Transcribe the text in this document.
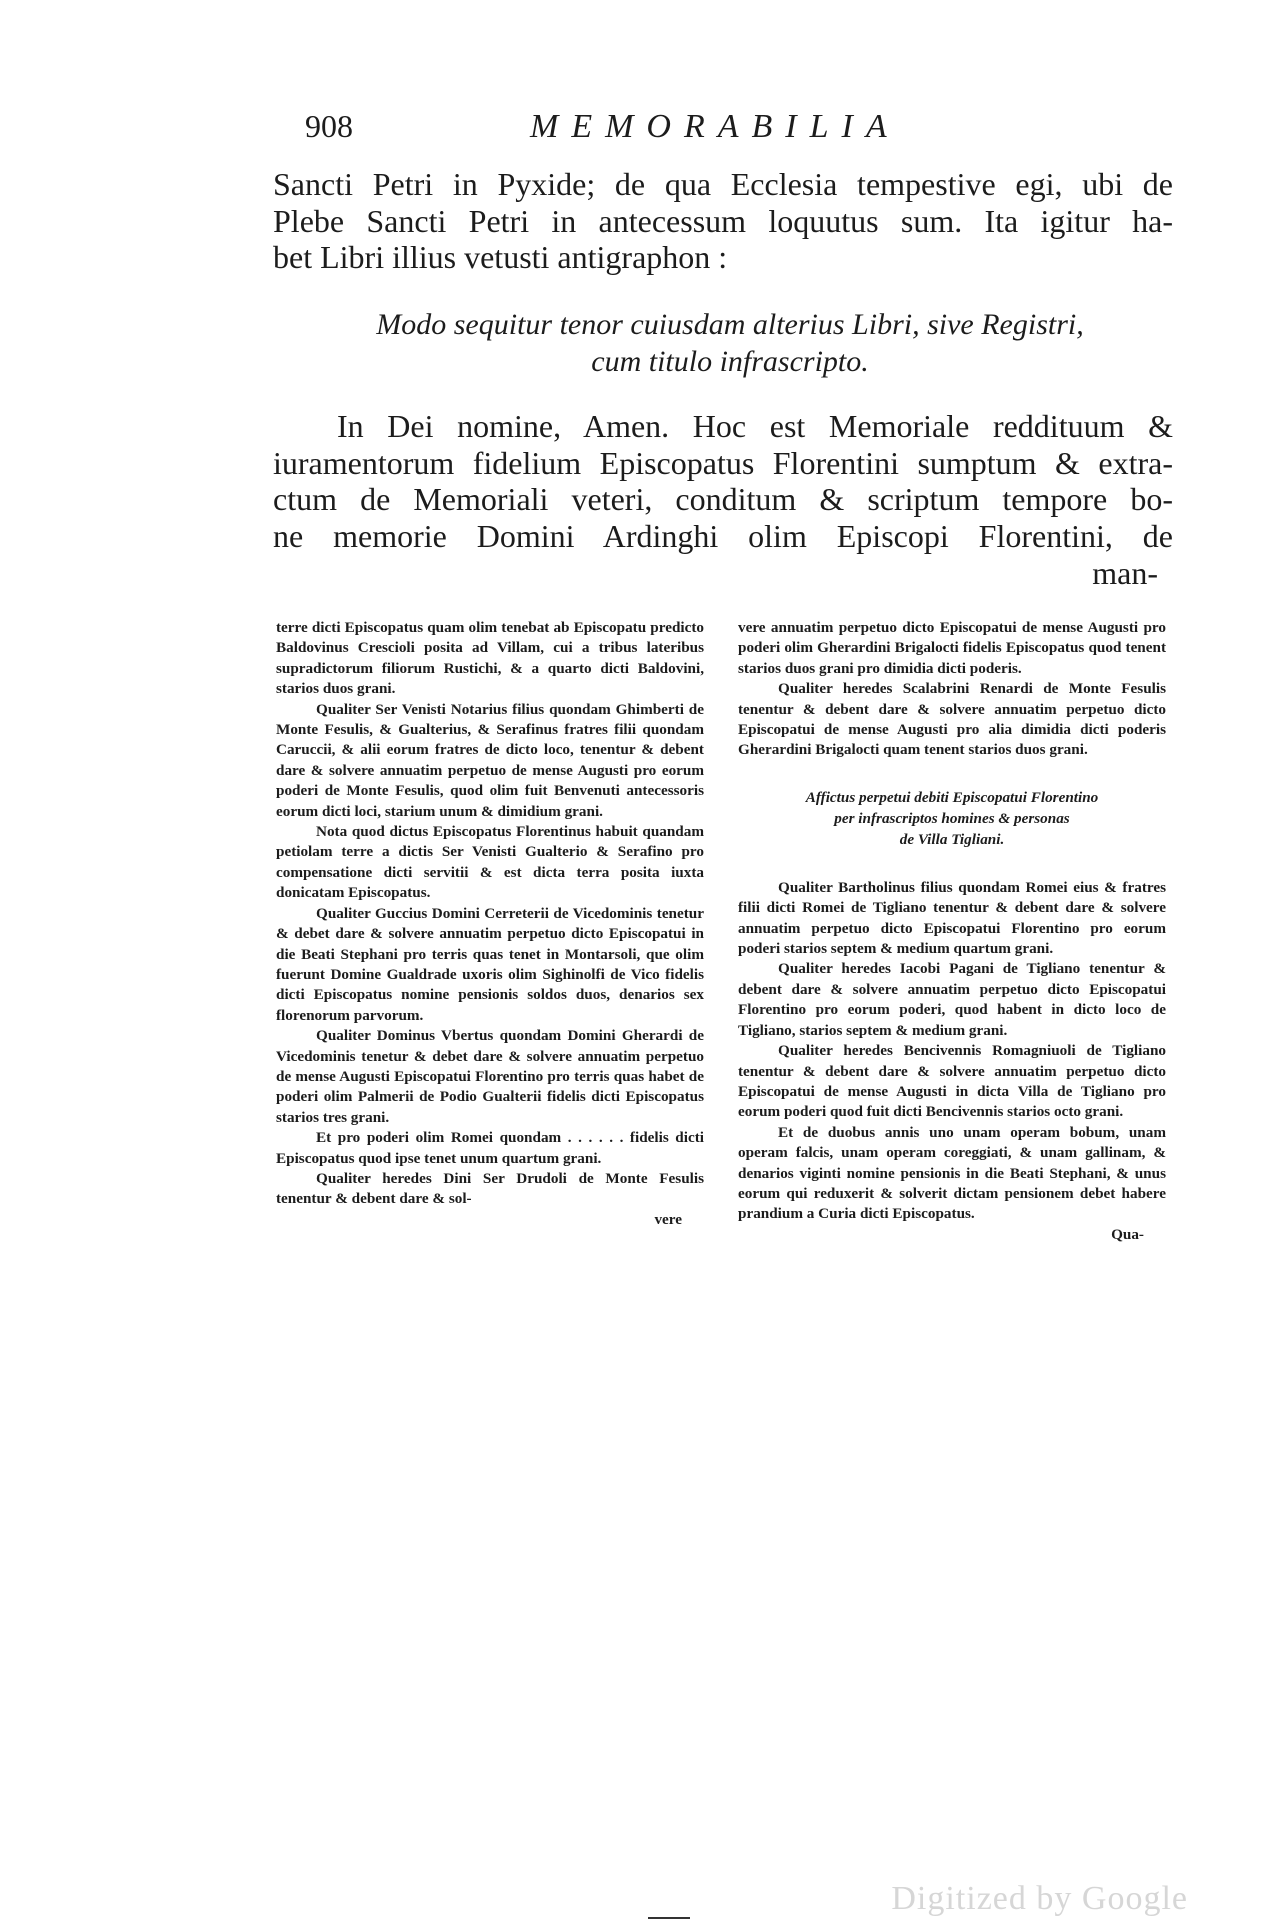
908	MEMORABILIA
Sancti Petri in Pyxide; de qua Ecclesia tempestive egi, ubi de
Plebe Sancti Petri in antecessum loquutus sum. Ita igitur ha-
bet Libri illius vetusti antigraphon :
Modo sequitur tenor cuiusdam alterius Libri, sive Registri,
cum titulo infrascripto.
In Dei nomine, Amen. Hoc est Memoriale reddituum &
iuramentorum fidelium Episcopatus Florentini sumptum & extra-
ctum de Memoriali veteri, conditum & scriptum tempore bo-
ne memorie Domini Ardinghi olim Episcopi Florentini, de
man-

terre dicti Episcopatus quam olim tenebat ab Episcopatu predicto Baldovinus Crescioli posita ad Villam, cui a tribus lateribus supradictorum filiorum Rustichi, & a quarto dicti Baldovini, starios duos grani.

Qualiter Ser Venisti Notarius filius quondam Ghimberti de Monte Fesulis, & Gualterius, & Serafinus fratres filii quondam Caruccii, & alii eorum fratres de dicto loco, tenentur & debent dare & solvere annuatim perpetuo de mense Augusti pro eorum poderi de Monte Fesulis, quod olim fuit Benvenuti antecessoris eorum dicti loci, starium unum & dimidium grani.

Nota quod dictus Episcopatus Florentinus habuit quandam petiolam terre a dictis Ser Venisti Gualterio & Serafino pro compensatione dicti servitii & est dicta terra posita iuxta donicatam Episcopatus.

Qualiter Guccius Domini Cerreterii de Vicedominis tenetur & debet dare & solvere annuatim perpetuo dicto Episcopatui in die Beati Stephani pro terris quas tenet in Montarsoli, que olim fuerunt Domine Gualdrade uxoris olim Sighinolfi de Vico fidelis dicti Episcopatus nomine pensionis soldos duos, denarios sex florenorum parvorum.

Qualiter Dominus Vbertus quondam Domini Gherardi de Vicedominis tenetur & debet dare & solvere annuatim perpetuo de mense Augusti Episcopatui Florentino pro terris quas habet de poderi olim Palmerii de Podio Gualterii fidelis dicti Episcopatus starios tres grani.

Et pro poderi olim Romei quondam . . . . . . fidelis dicti Episcopatus quod ipse tenet unum quartum grani.

Qualiter heredes Dini Ser Drudoli de Monte Fesulis tenentur & debent dare & sol-

vere

vere annuatim perpetuo dicto Episcopatui de mense Augusti pro poderi olim Gherardini Brigalocti fidelis Episcopatus quod tenent starios duos grani pro dimidia dicti poderis.

Qualiter heredes Scalabrini Renardi de Monte Fesulis tenentur & debent dare & solvere annuatim perpetuo dicto Episcopatui de mense Augusti pro alia dimidia dicti poderis Gherardini Brigalocti quam tenent starios duos grani.

Affictus perpetui debiti Episcopatui Florentino
per infrascriptos homines & personas
de Villa Tigliani.

Qualiter Bartholinus filius quondam Romei eius & fratres filii dicti Romei de Tigliano tenentur & debent dare & solvere annuatim perpetuo dicto Episcopatui Florentino pro eorum poderi starios septem & medium quartum grani.

Qualiter heredes Iacobi Pagani de Tigliano tenentur & debent dare & solvere annuatim perpetuo dicto Episcopatui Florentino pro eorum poderi, quod habent in dicto loco de Tigliano, starios septem & medium grani.

Qualiter heredes Bencivennis Romagniuoli de Tigliano tenentur & debent dare & solvere annuatim perpetuo dicto Episcopatui de mense Augusti in dicta Villa de Tigliano pro eorum poderi quod fuit dicti Bencivennis starios octo grani.

Et de duobus annis uno unam operam bobum, unam operam falcis, unam operam coreggiati, & unam gallinam, & denarios viginti nomine pensionis in die Beati Stephani, & unus eorum qui reduxerit & solverit dictam pensionem debet habere prandium a Curia dicti Episcopatus.

Qua-

Digitized by Google
